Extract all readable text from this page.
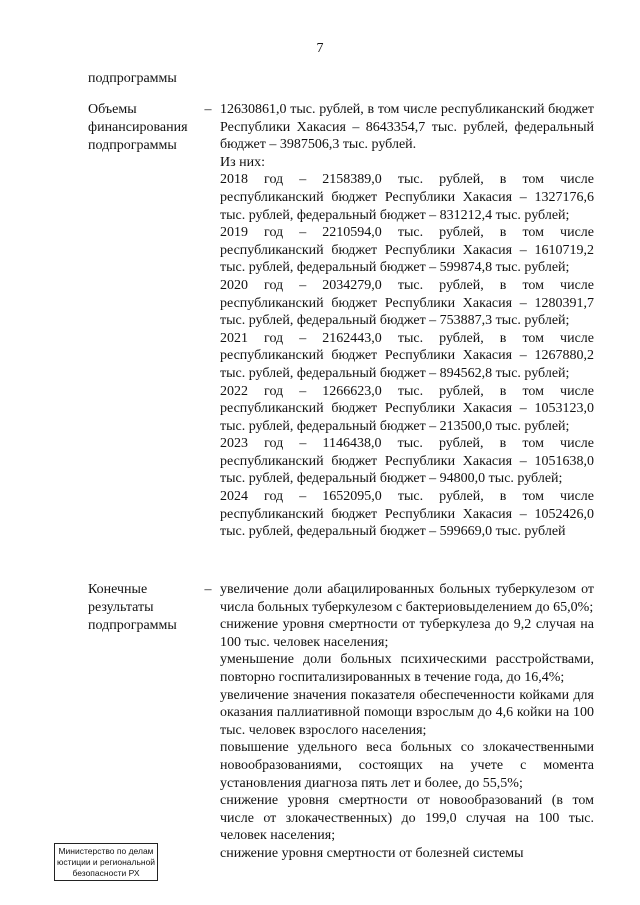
7
подпрограммы
Объемы
финансирования
подпрограммы
– 12630861,0 тыс. рублей, в том числе республиканский бюджет Республики Хакасия – 8643354,7 тыс. рублей, федеральный бюджет – 3987506,3 тыс. рублей.

Из них:

2018 год – 2158389,0 тыс. рублей, в том числе республиканский бюджет Республики Хакасия – 1327176,6 тыс. рублей, федеральный бюджет – 831212,4 тыс. рублей;

2019 год – 2210594,0 тыс. рублей, в том числе республиканский бюджет Республики Хакасия – 1610719,2 тыс. рублей, федеральный бюджет – 599874,8 тыс. рублей;

2020 год – 2034279,0 тыс. рублей, в том числе республиканский бюджет Республики Хакасия – 1280391,7 тыс. рублей, федеральный бюджет – 753887,3 тыс. рублей;

2021 год – 2162443,0 тыс. рублей, в том числе республиканский бюджет Республики Хакасия – 1267880,2 тыс. рублей, федеральный бюджет – 894562,8 тыс. рублей;

2022 год – 1266623,0 тыс. рублей, в том числе республиканский бюджет Республики Хакасия – 1053123,0 тыс. рублей, федеральный бюджет – 213500,0 тыс. рублей;

2023 год – 1146438,0 тыс. рублей, в том числе республиканский бюджет Республики Хакасия – 1051638,0 тыс. рублей, федеральный бюджет – 94800,0 тыс. рублей;

2024 год – 1652095,0 тыс. рублей, в том числе республиканский бюджет Республики Хакасия – 1052426,0 тыс. рублей, федеральный бюджет – 599669,0 тыс. рублей

Конечные
результаты
подпрограммы
– увеличение доли абацилированных больных туберкулезом от числа больных туберкулезом с бактериовыделением до 65,0%;

снижение уровня смертности от туберкулеза до 9,2 случая на 100 тыс. человек населения;

уменьшение доли больных психическими расстройствами, повторно госпитализированных в течение года, до 16,4%;

увеличение значения показателя обеспеченности койками для оказания паллиативной помощи взрослым до 4,6 койки на 100 тыс. человек взрослого населения;

повышение удельного веса больных со злокачественными новообразованиями, состоящих на учете с момента установления диагноза пять лет и более, до 55,5%;

снижение уровня смертности от новообразований (в том числе от злокачественных) до 199,0 случая на 100 тыс. человек населения;

снижение уровня смертности от болезней системы

Министерство по делам
юстиции и региональной
безопасности РХ
